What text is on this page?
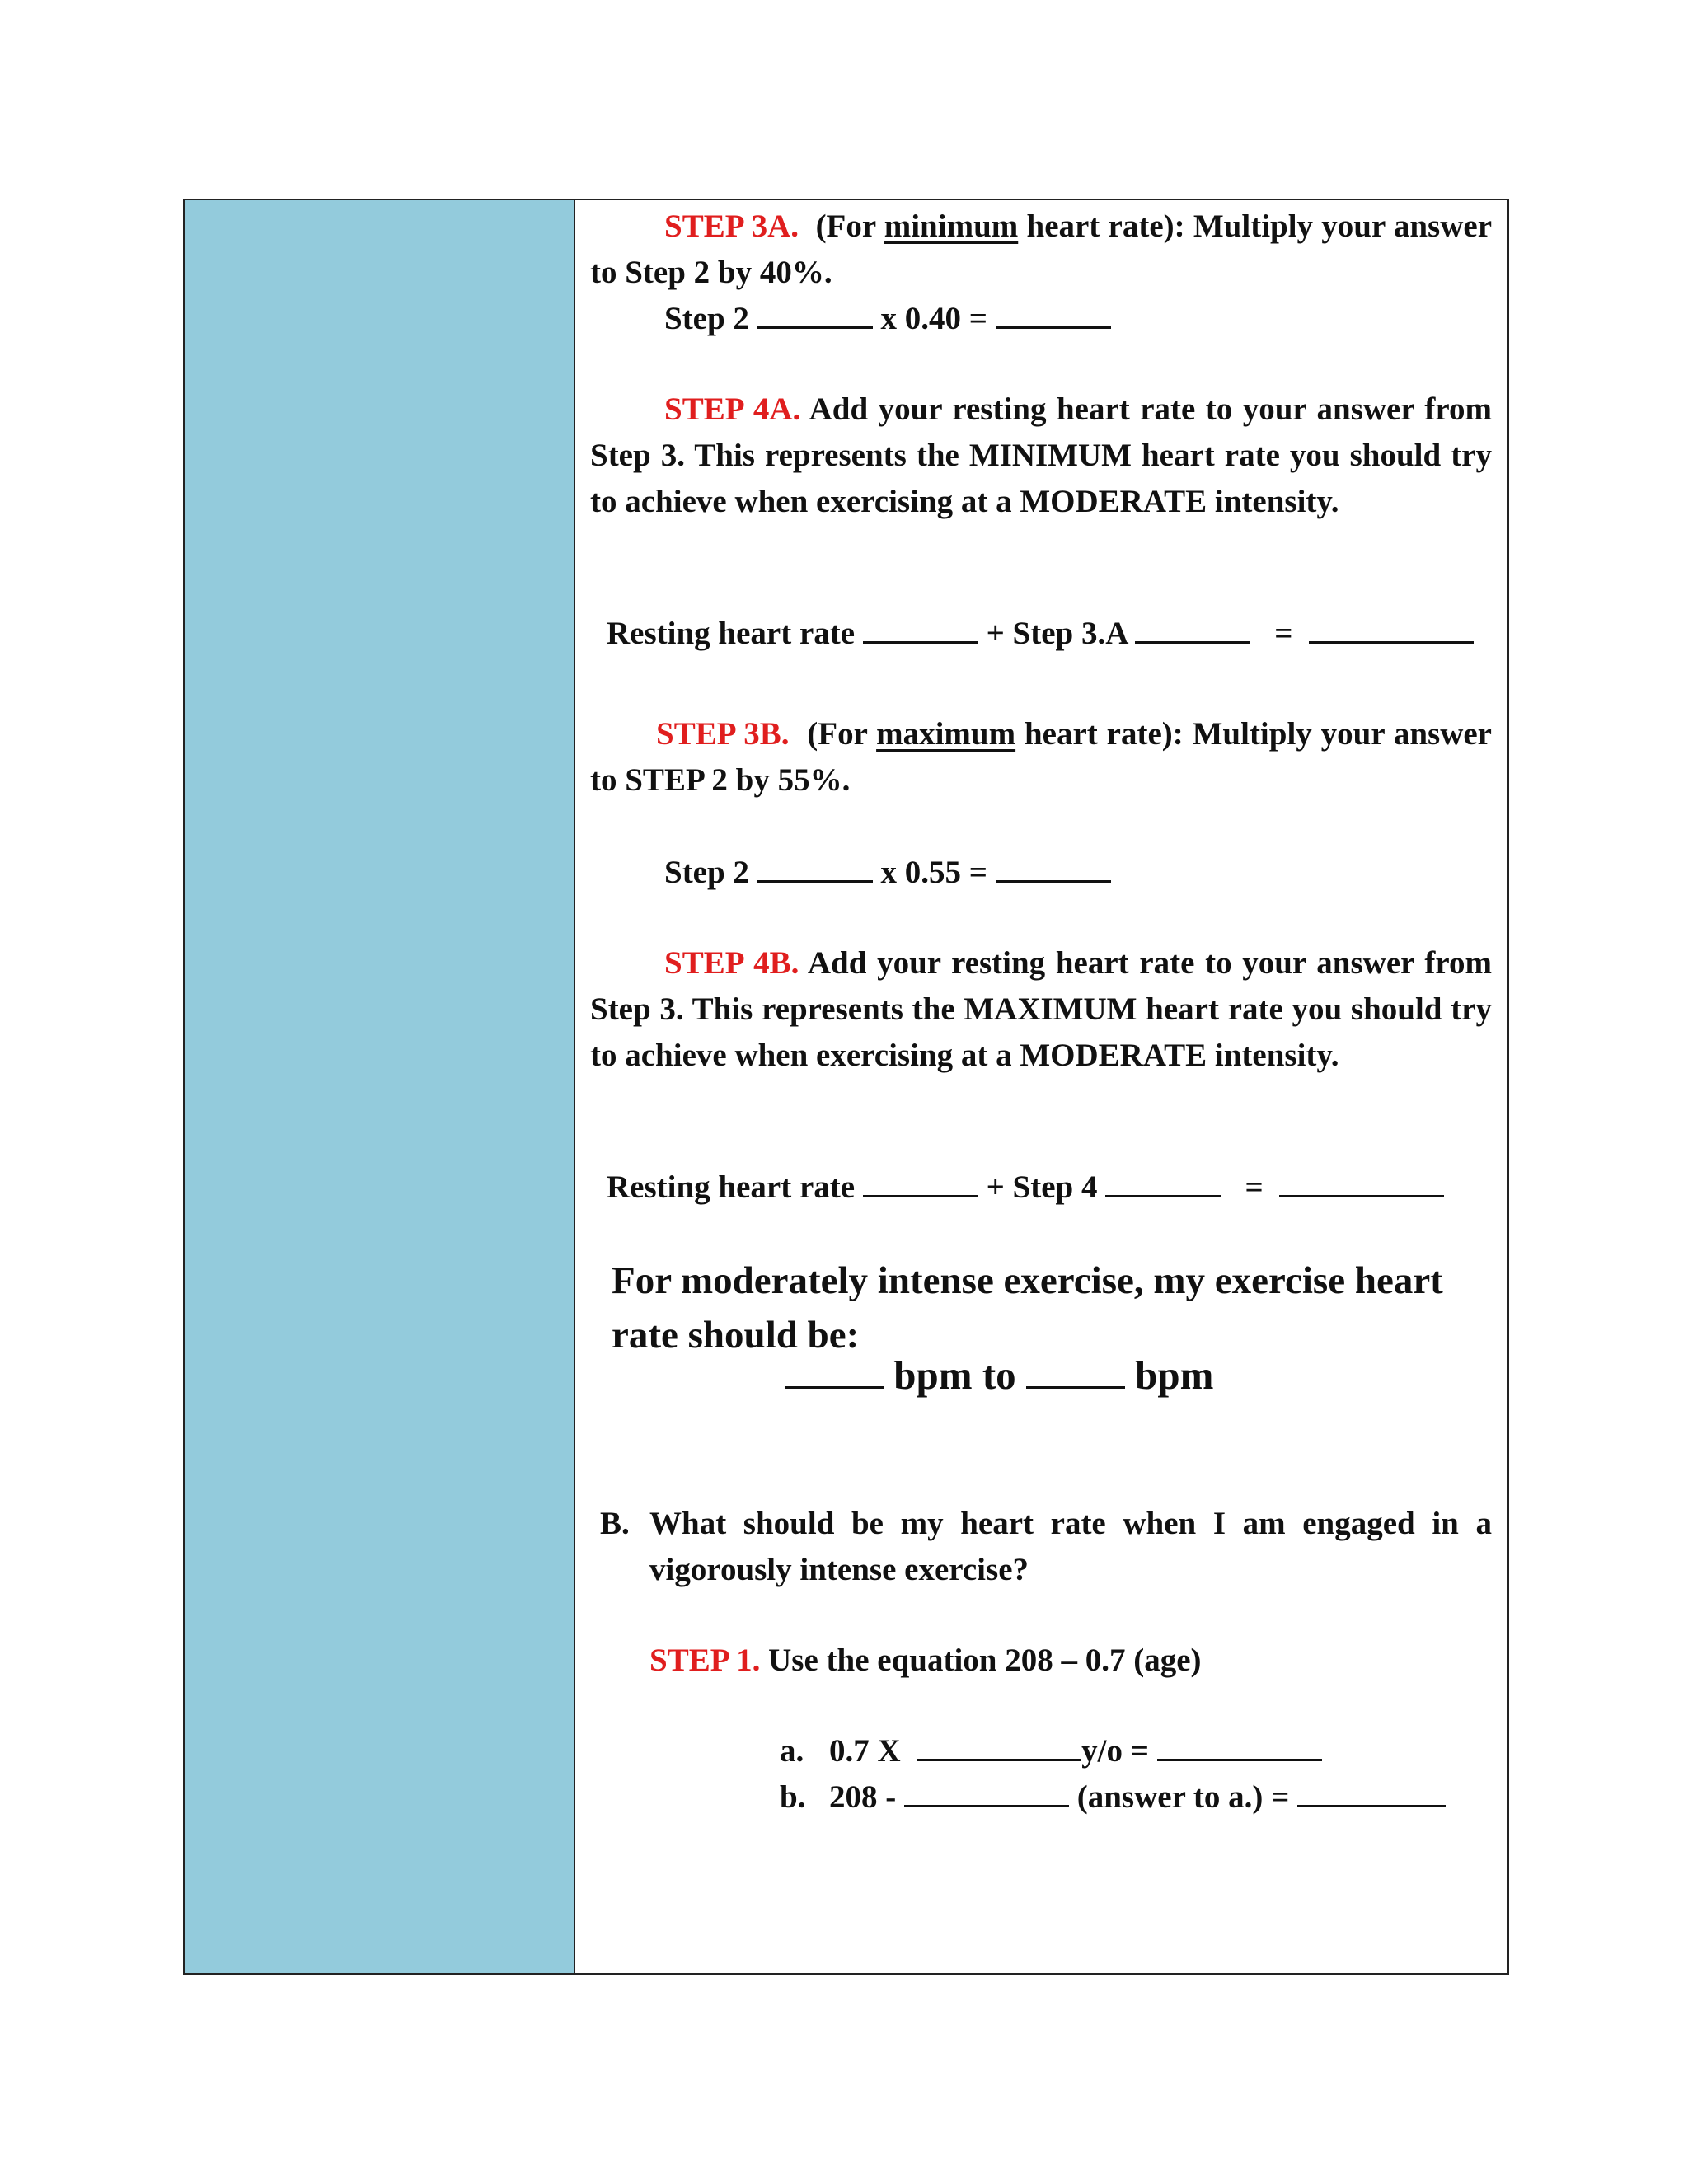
STEP 3A. (For minimum heart rate): Multiply your answer to Step 2 by 40%.

Step 2	x 0.40 =

STEP 4A. Add your resting heart rate to your answer from Step 3. This represents the MINIMUM heart rate you should try to achieve when exercising at a MODERATE intensity.

Resting heart rate	+ Step 3.A	=

STEP 3B. (For maximum heart rate): Multiply your answer to STEP 2 by 55%.

Step 2	x 0.55 =

STEP 4B. Add your resting heart rate to your answer from Step 3. This represents the MAXIMUM heart rate you should try to achieve when exercising at a MODERATE intensity.

Resting heart rate	+ Step 4	=

For moderately intense exercise, my exercise heart rate should be:

bpm to	bpm

B. What should be my heart rate when I am engaged in a vigorously intense exercise?

STEP 1. Use the equation 208 – 0.7 (age)

a. 0.7 X	y/o =

b. 208 -	(answer to a.) =
